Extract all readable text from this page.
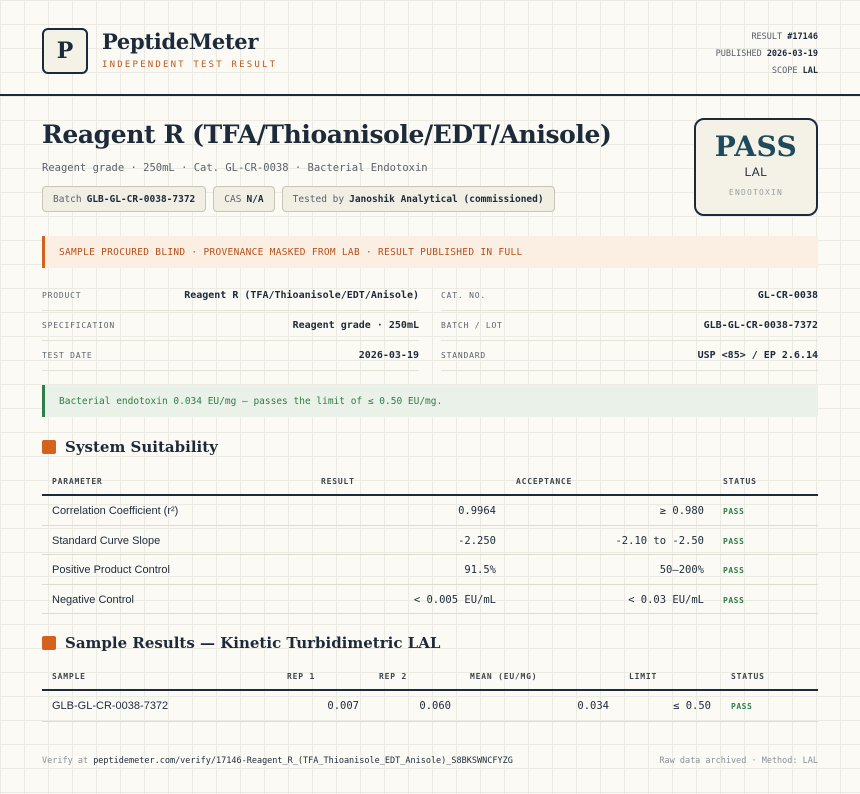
P	PeptideMeter
INDEPENDENT TEST RESULT
RESULT #17146
PUBLISHED 2026-03-19
SCOPE LAL
Reagent R (TFA/Thioanisole/EDT/Anisole)
Reagent grade · 250mL · Cat. GL-CR-0038 · Bacterial Endotoxin
Batch GLB-GL-CR-0038-7372	CAS N/A	Tested by Janoshik Analytical (commissioned)
PASS
LAL
ENDOTOXIN
SAMPLE PROCURED BLIND · PROVENANCE MASKED FROM LAB · RESULT PUBLISHED IN FULL
PRODUCT	Reagent R (TFA/Thioanisole/EDT/Anisole)	CAT. NO.	GL-CR-0038
SPECIFICATION	Reagent grade · 250mL	BATCH / LOT	GLB-GL-CR-0038-7372
TEST DATE	2026-03-19	STANDARD	USP <85> / EP 2.6.14
Bacterial endotoxin 0.034 EU/mg — passes the limit of ≤ 0.50 EU/mg.
System Suitability
PARAMETER	RESULT	ACCEPTANCE	STATUS
Correlation Coefficient (r²)	0.9964	≥ 0.980 PASS
Standard Curve Slope	-2.250	-2.10 to -2.50 PASS
Positive Product Control	91.5%	50–200% PASS
Negative Control	< 0.005 EU/mL	< 0.03 EU/mL PASS
Sample Results — Kinetic Turbidimetric LAL
SAMPLE	REP 1	REP 2	MEAN (EU/MG)	LIMIT	STATUS
GLB-GL-CR-0038-7372	0.007	0.060	0.034	≤ 0.50	PASS
Verify at peptidemeter.com/verify/17146-Reagent_R_(TFA_Thioanisole_EDT_Anisole)_S8BKSWNCFYZG	Raw data archived · Method: LAL
